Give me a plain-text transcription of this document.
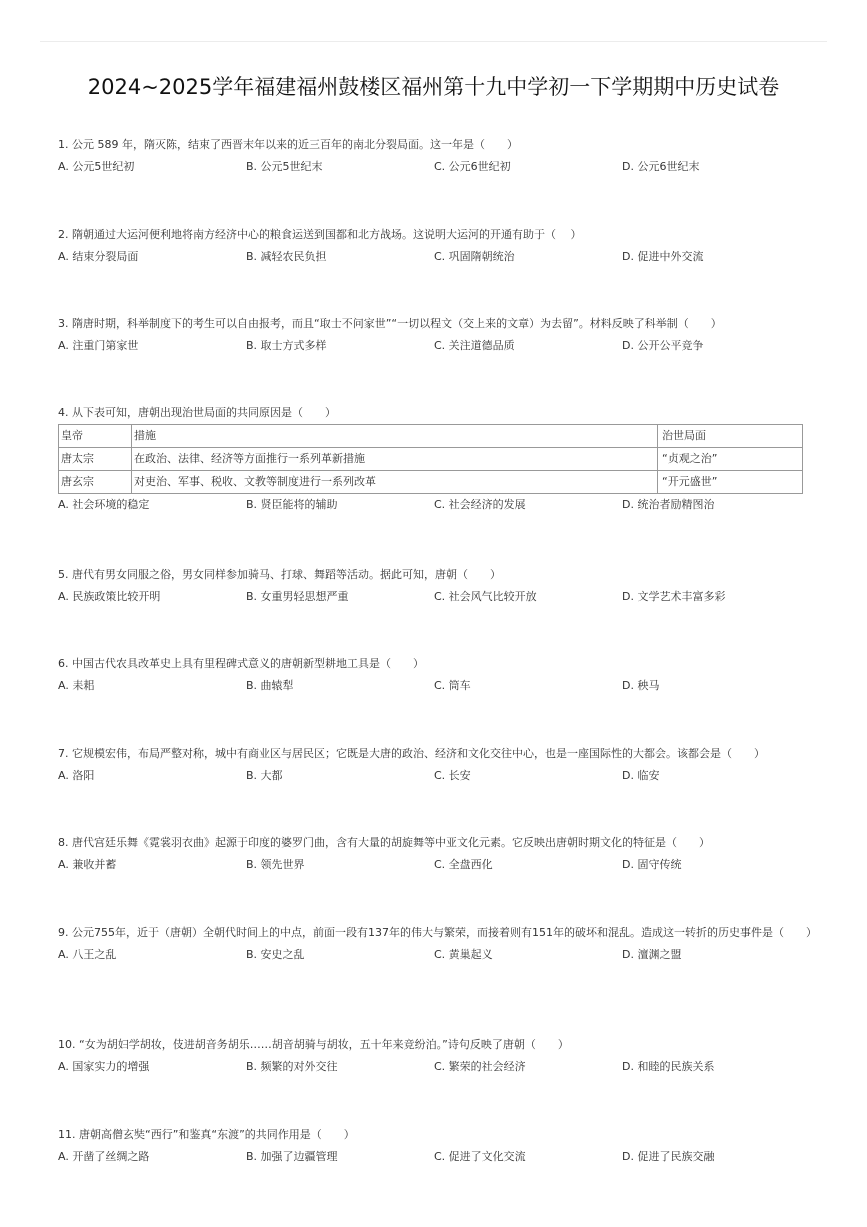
2024~2025学年福建福州鼓楼区福州第十九中学初一下学期期中历史试卷
1. 公元 589 年，隋灭陈，结束了西晋末年以来的近三百年的南北分裂局面。这一年是（　　）
A. 公元5世纪初	B. 公元5世纪末	C. 公元6世纪初	D. 公元6世纪末
2. 隋朝通过大运河便利地将南方经济中心的粮食运送到国都和北方战场。这说明大运河的开通有助于（　 ）
A. 结束分裂局面	B. 减轻农民负担	C. 巩固隋朝统治	D. 促进中外交流
3. 隋唐时期，科举制度下的考生可以自由报考，而且“取士不问家世”“一切以程文（交上来的文章）为去留”。材料反映了科举制（　　）
A. 注重门第家世	B. 取士方式多样	C. 关注道德品质	D. 公开公平竞争
4. 从下表可知，唐朝出现治世局面的共同原因是（　　）
皇帝	措施	治世局面
唐太宗	在政治、法律、经济等方面推行一系列革新措施	“贞观之治”
唐玄宗	对吏治、军事、税收、文教等制度进行一系列改革	“开元盛世”
A. 社会环境的稳定	B. 贤臣能将的辅助	C. 社会经济的发展	D. 统治者励精图治
5. 唐代有男女同服之俗，男女同样参加骑马、打球、舞蹈等活动。据此可知，唐朝（　　）
A. 民族政策比较开明	B. 女重男轻思想严重	C. 社会风气比较开放	D. 文学艺术丰富多彩
6. 中国古代农具改革史上具有里程碑式意义的唐朝新型耕地工具是（　　）
A. 耒耜	B. 曲辕犁	C. 筒车	D. 秧马
7. 它规模宏伟，布局严整对称，城中有商业区与居民区；它既是大唐的政治、经济和文化交往中心，也是一座国际性的大都会。该都会是（　　）
A. 洛阳	B. 大都	C. 长安	D. 临安
8. 唐代宫廷乐舞《霓裳羽衣曲》起源于印度的婆罗门曲，含有大量的胡旋舞等中亚文化元素。它反映出唐朝时期文化的特征是（　　）
A. 兼收并蓄	B. 领先世界	C. 全盘西化	D. 固守传统
9. 公元755年，近于（唐朝）全朝代时间上的中点，前面一段有137年的伟大与繁荣，而接着则有151年的破坏和混乱。造成这一转折的历史事件是（　　）
A. 八王之乱	B. 安史之乱	C. 黄巢起义	D. 澶渊之盟
10. “女为胡妇学胡妆，伎进胡音务胡乐……胡音胡骑与胡妆，五十年来竞纷泊。”诗句反映了唐朝（　　）
A. 国家实力的增强	B. 频繁的对外交往	C. 繁荣的社会经济	D. 和睦的民族关系
11. 唐朝高僧玄奘“西行”和鉴真“东渡”的共同作用是（　　）
A. 开凿了丝绸之路	B. 加强了边疆管理	C. 促进了文化交流	D. 促进了民族交融
